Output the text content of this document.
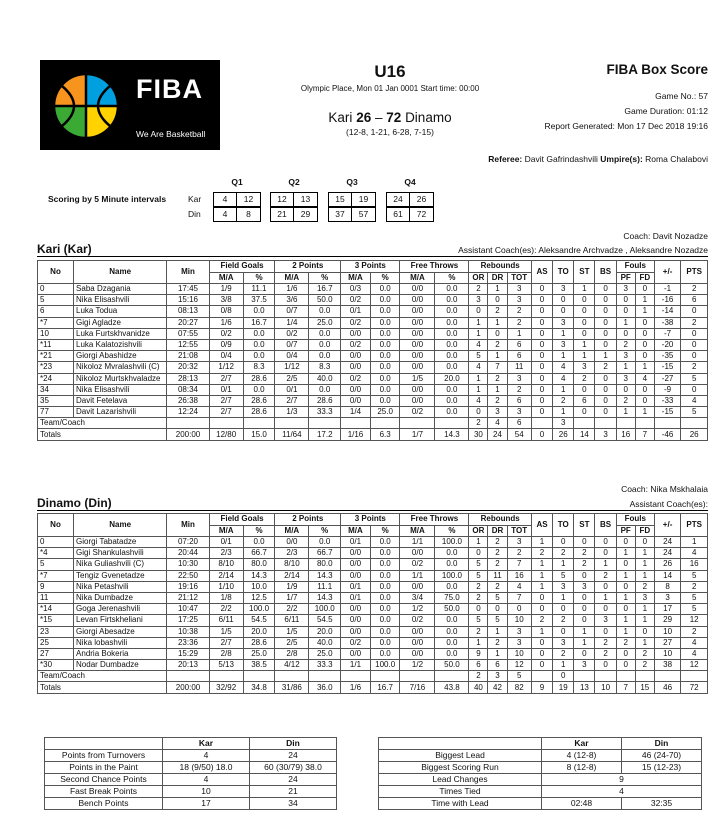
FIBA
We Are Basketball
U16
Olympic Place, Mon 01 Jan 0001 Start time: 00:00
Kari 26 – 72 Dinamo
(12-8, 1-21, 6-28, 7-15)
FIBA Box Score
Game No.: 57
Game Duration: 01:12
Report Generated: Mon 17 Dec 2018 19:16
Referee: Davit Gafrindashvili Umpire(s): Roma Chalabovi
Scoring by 5 Minute intervals
Q1	Q2	Q3	Q4
Kar
Din
4	12	12	13	15	19	24	26
4	8	21	29	37	57	61	72
Coach: Davit Nozadze
Kari (Kar)	Assistant Coach(es): Aleksandre Archvadze , Aleksandre Nozadze
No	Name	Min	Field Goals		2 Points		3 Points		Free Throws		Rebounds			AS	TO	ST	BS	Fouls		+/-	PTS
			M/A	%	M/A	%	M/A	%	M/A	%	OR	DR	TOT					PF	FD		
0	Saba Dzagania	17:45	1/9	11.1	1/6	16.7	0/3	0.0	0/0	0.0	2	1	3	0	3	1	0	3	0	-1	2
5	Nika Elisashvili	15:16	3/8	37.5	3/6	50.0	0/2	0.0	0/0	0.0	3	0	3	0	0	0	0	0	1	-16	6
6	Luka Todua	08:13	0/8	0.0	0/7	0.0	0/1	0.0	0/0	0.0	0	2	2	0	0	0	0	0	1	-14	0
*7	Gigi Agladze	20:27	1/6	16.7	1/4	25.0	0/2	0.0	0/0	0.0	1	1	2	0	3	0	0	1	0	-38	2
10	Luka Furtskhvanidze	07:55	0/2	0.0	0/2	0.0	0/0	0.0	0/0	0.0	1	0	1	0	1	0	0	0	0	-7	0
*11	Luka Kalatozishvili	12:55	0/9	0.0	0/7	0.0	0/2	0.0	0/0	0.0	4	2	6	0	3	1	0	2	0	-20	0
*21	Giorgi Abashidze	21:08	0/4	0.0	0/4	0.0	0/0	0.0	0/0	0.0	5	1	6	0	1	1	1	3	0	-35	0
*23	Nikoloz Mvralashvili (C)	20:32	1/12	8.3	1/12	8.3	0/0	0.0	0/0	0.0	4	7	11	0	4	3	2	1	1	-15	2
*24	Nikoloz Murtskhvaladze	28:13	2/7	28.6	2/5	40.0	0/2	0.0	1/5	20.0	1	2	3	0	4	2	0	3	4	-27	5
34	Nika Elisashvili	08:34	0/1	0.0	0/1	0.0	0/0	0.0	0/0	0.0	1	1	2	0	1	0	0	0	0	-9	0
35	Davit Fetelava	26:38	2/7	28.6	2/7	28.6	0/0	0.0	0/0	0.0	4	2	6	0	2	6	0	2	0	-33	4
77	Davit Lazarishvili	12:24	2/7	28.6	1/3	33.3	1/4	25.0	0/2	0.0	0	3	3	0	1	0	0	1	1	-15	5
Team/Coach											2	4	6		3						
Totals		200:00	12/80	15.0	11/64	17.2	1/16	6.3	1/7	14.3	30	24	54	0	26	14	3	16	7	-46	26
Coach: Nika Mskhalaia
Dinamo (Din)	Assistant Coach(es):
No	Name	Min	Field Goals		2 Points		3 Points		Free Throws		Rebounds			AS	TO	ST	BS	Fouls		+/-	PTS
			M/A	%	M/A	%	M/A	%	M/A	%	OR	DR	TOT					PF	FD		
0	Giorgi Tabatadze	07:20	0/1	0.0	0/0	0.0	0/1	0.0	1/1	100.0	1	2	3	1	0	0	0	0	0	24	1
*4	Gigi Shankulashvili	20:44	2/3	66.7	2/3	66.7	0/0	0.0	0/0	0.0	0	2	2	2	2	2	0	1	1	24	4
5	Nika Guliashvili (C)	10:30	8/10	80.0	8/10	80.0	0/0	0.0	0/2	0.0	5	2	7	1	1	2	1	0	1	26	16
*7	Tengiz Gvenetadze	22:50	2/14	14.3	2/14	14.3	0/0	0.0	1/1	100.0	5	11	16	1	5	0	2	1	1	14	5
9	Nika Petashvili	19:16	1/10	10.0	1/9	11.1	0/1	0.0	0/0	0.0	2	2	4	1	3	3	0	0	2	8	2
11	Nika Dumbadze	21:12	1/8	12.5	1/7	14.3	0/1	0.0	3/4	75.0	2	5	7	0	1	0	1	1	3	3	5
*14	Goga Jerenashvili	10:47	2/2	100.0	2/2	100.0	0/0	0.0	1/2	50.0	0	0	0	0	0	0	0	0	1	17	5
*15	Levan Firtskheliani	17:25	6/11	54.5	6/11	54.5	0/0	0.0	0/2	0.0	5	5	10	2	2	0	3	1	1	29	12
23	Giorgi Abesadze	10:38	1/5	20.0	1/5	20.0	0/0	0.0	0/0	0.0	2	1	3	1	0	1	0	1	0	10	2
25	Nika lobashvili	23:36	2/7	28.6	2/5	40.0	0/2	0.0	0/0	0.0	1	2	3	0	3	1	2	2	1	27	4
27	Andria Bokeria	15:29	2/8	25.0	2/8	25.0	0/0	0.0	0/0	0.0	9	1	10	0	2	0	2	0	2	10	4
*30	Nodar Dumbadze	20:13	5/13	38.5	4/12	33.3	1/1	100.0	1/2	50.0	6	6	12	0	1	3	0	0	2	38	12
Team/Coach											2	3	5		0						
Totals		200:00	32/92	34.8	31/86	36.0	1/6	16.7	7/16	43.8	40	42	82	9	19	13	10	7	15	46	72
	Kar	Din
Points from Turnovers	4	24
Points in the Paint	18 (9/50) 18.0	60 (30/79) 38.0
Second Chance Points	4	24
Fast Break Points	10	21
Bench Points	17	34
	Kar	Din
Biggest Lead	4 (12-8)	46 (24-70)
Biggest Scoring Run	8 (12-8)	15 (12-23)
Lead Changes	9	
Times Tied	4	
Time with Lead	02:48	32:35
